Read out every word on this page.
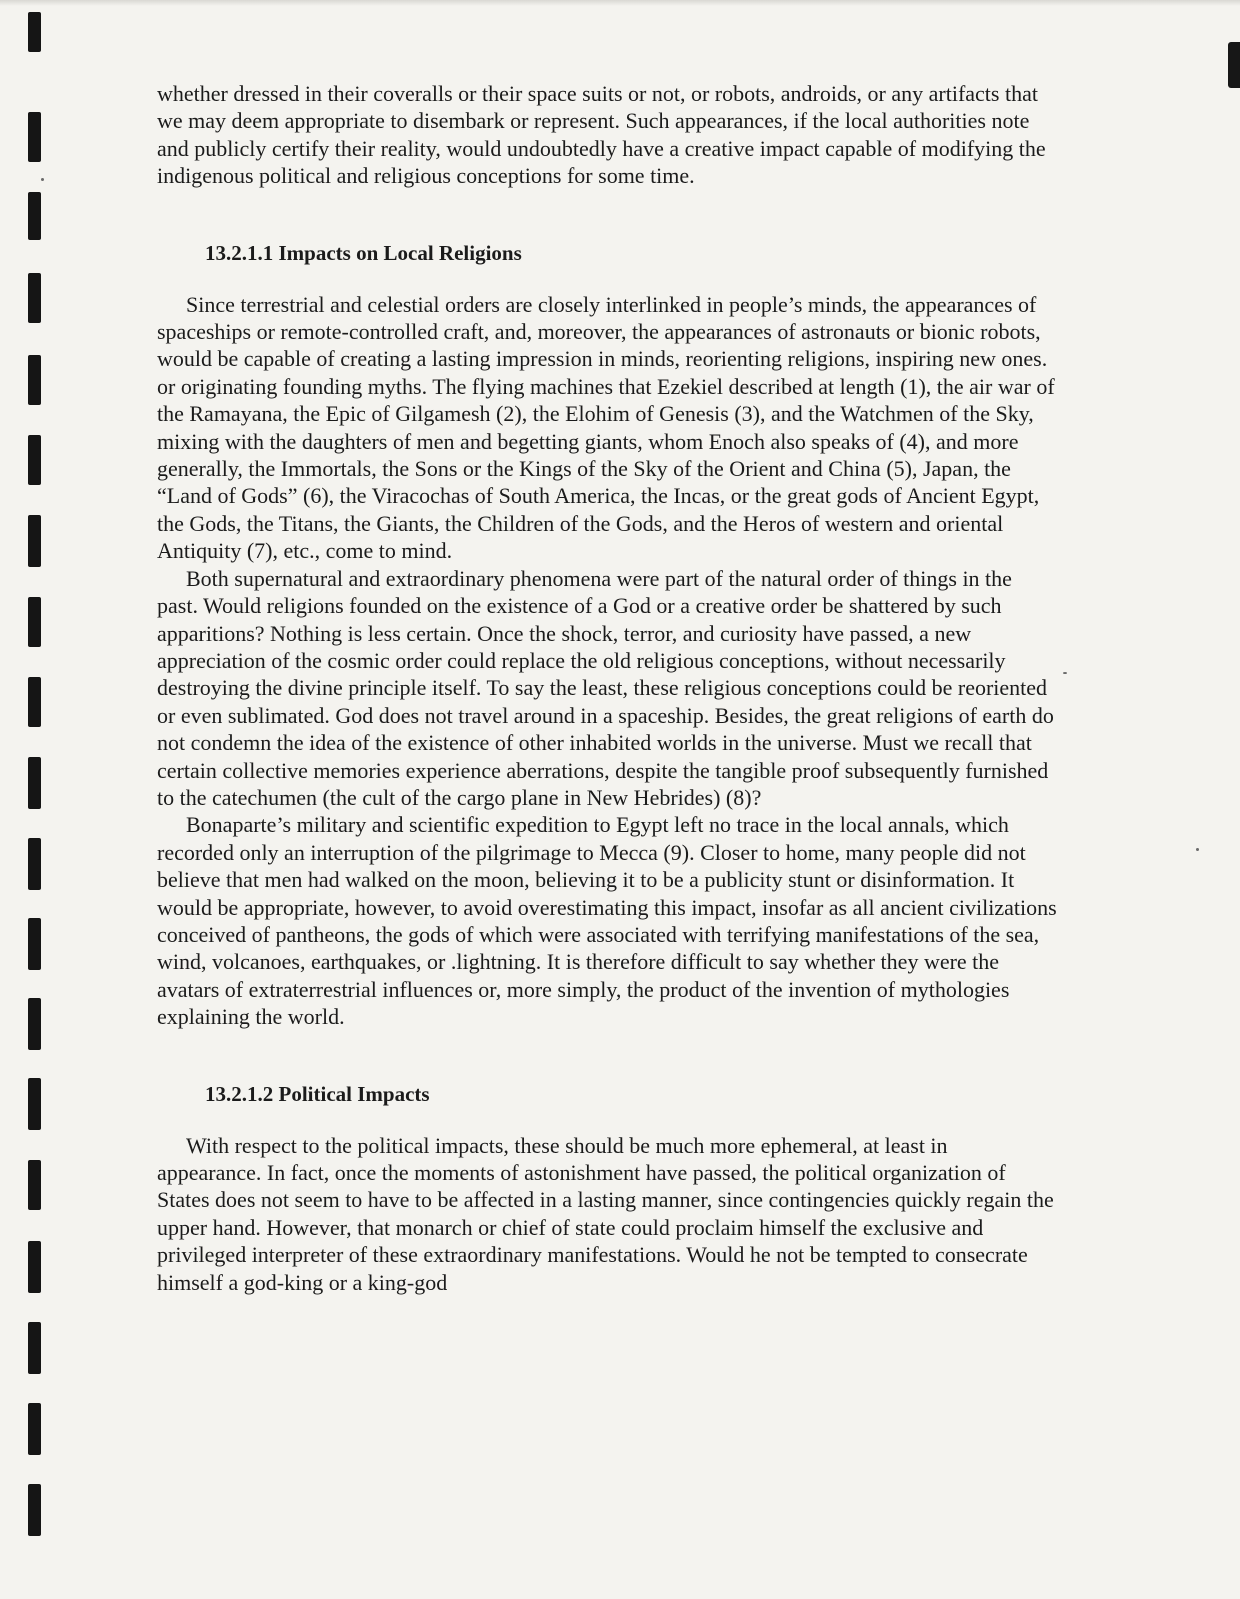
whether dressed in their coveralls or their space suits or not, or robots, androids, or any artifacts that we may deem appropriate to disembark or represent. Such appearances, if the local authorities note and publicly certify their reality, would undoubtedly have a creative impact capable of modifying the indigenous political and religious conceptions for some time.

13.2.1.1 Impacts on Local Religions

Since terrestrial and celestial orders are closely interlinked in people’s minds, the appearances of spaceships or remote-controlled craft, and, moreover, the appearances of astronauts or bionic robots, would be capable of creating a lasting impression in minds, reorienting religions, inspiring new ones. or originating founding myths. The flying machines that Ezekiel described at length (1), the air war of the Ramayana, the Epic of Gilgamesh (2), the Elohim of Genesis (3), and the Watchmen of the Sky, mixing with the daughters of men and begetting giants, whom Enoch also speaks of (4), and more generally, the Immortals, the Sons or the Kings of the Sky of the Orient and China (5), Japan, the “Land of Gods” (6), the Viracochas of South America, the Incas, or the great gods of Ancient Egypt, the Gods, the Titans, the Giants, the Children of the Gods, and the Heros of western and oriental Antiquity (7), etc., come to mind.

Both supernatural and extraordinary phenomena were part of the natural order of things in the past. Would religions founded on the existence of a God or a creative order be shattered by such apparitions? Nothing is less certain. Once the shock, terror, and curiosity have passed, a new appreciation of the cosmic order could replace the old religious conceptions, without necessarily destroying the divine principle itself. To say the least, these religious conceptions could be reoriented or even sublimated. God does not travel around in a spaceship. Besides, the great religions of earth do not condemn the idea of the existence of other inhabited worlds in the universe. Must we recall that certain collective memories experience aberrations, despite the tangible proof subsequently furnished to the catechumen (the cult of the cargo plane in New Hebrides) (8)?

Bonaparte’s military and scientific expedition to Egypt left no trace in the local annals, which recorded only an interruption of the pilgrimage to Mecca (9). Closer to home, many people did not believe that men had walked on the moon, believing it to be a publicity stunt or disinformation. It would be appropriate, however, to avoid overestimating this impact, insofar as all ancient civilizations conceived of pantheons, the gods of which were associated with terrifying manifestations of the sea, wind, volcanoes, earthquakes, or .lightning. It is therefore difficult to say whether they were the avatars of extraterrestrial influences or, more simply, the product of the invention of mythologies explaining the world.

13.2.1.2 Political Impacts

With respect to the political impacts, these should be much more ephemeral, at least in appearance. In fact, once the moments of astonishment have passed, the political organization of States does not seem to have to be affected in a lasting manner, since contingencies quickly regain the upper hand. However, that monarch or chief of state could proclaim himself the exclusive and privileged interpreter of these extraordinary manifestations. Would he not be tempted to consecrate himself a god-king or a king-god
